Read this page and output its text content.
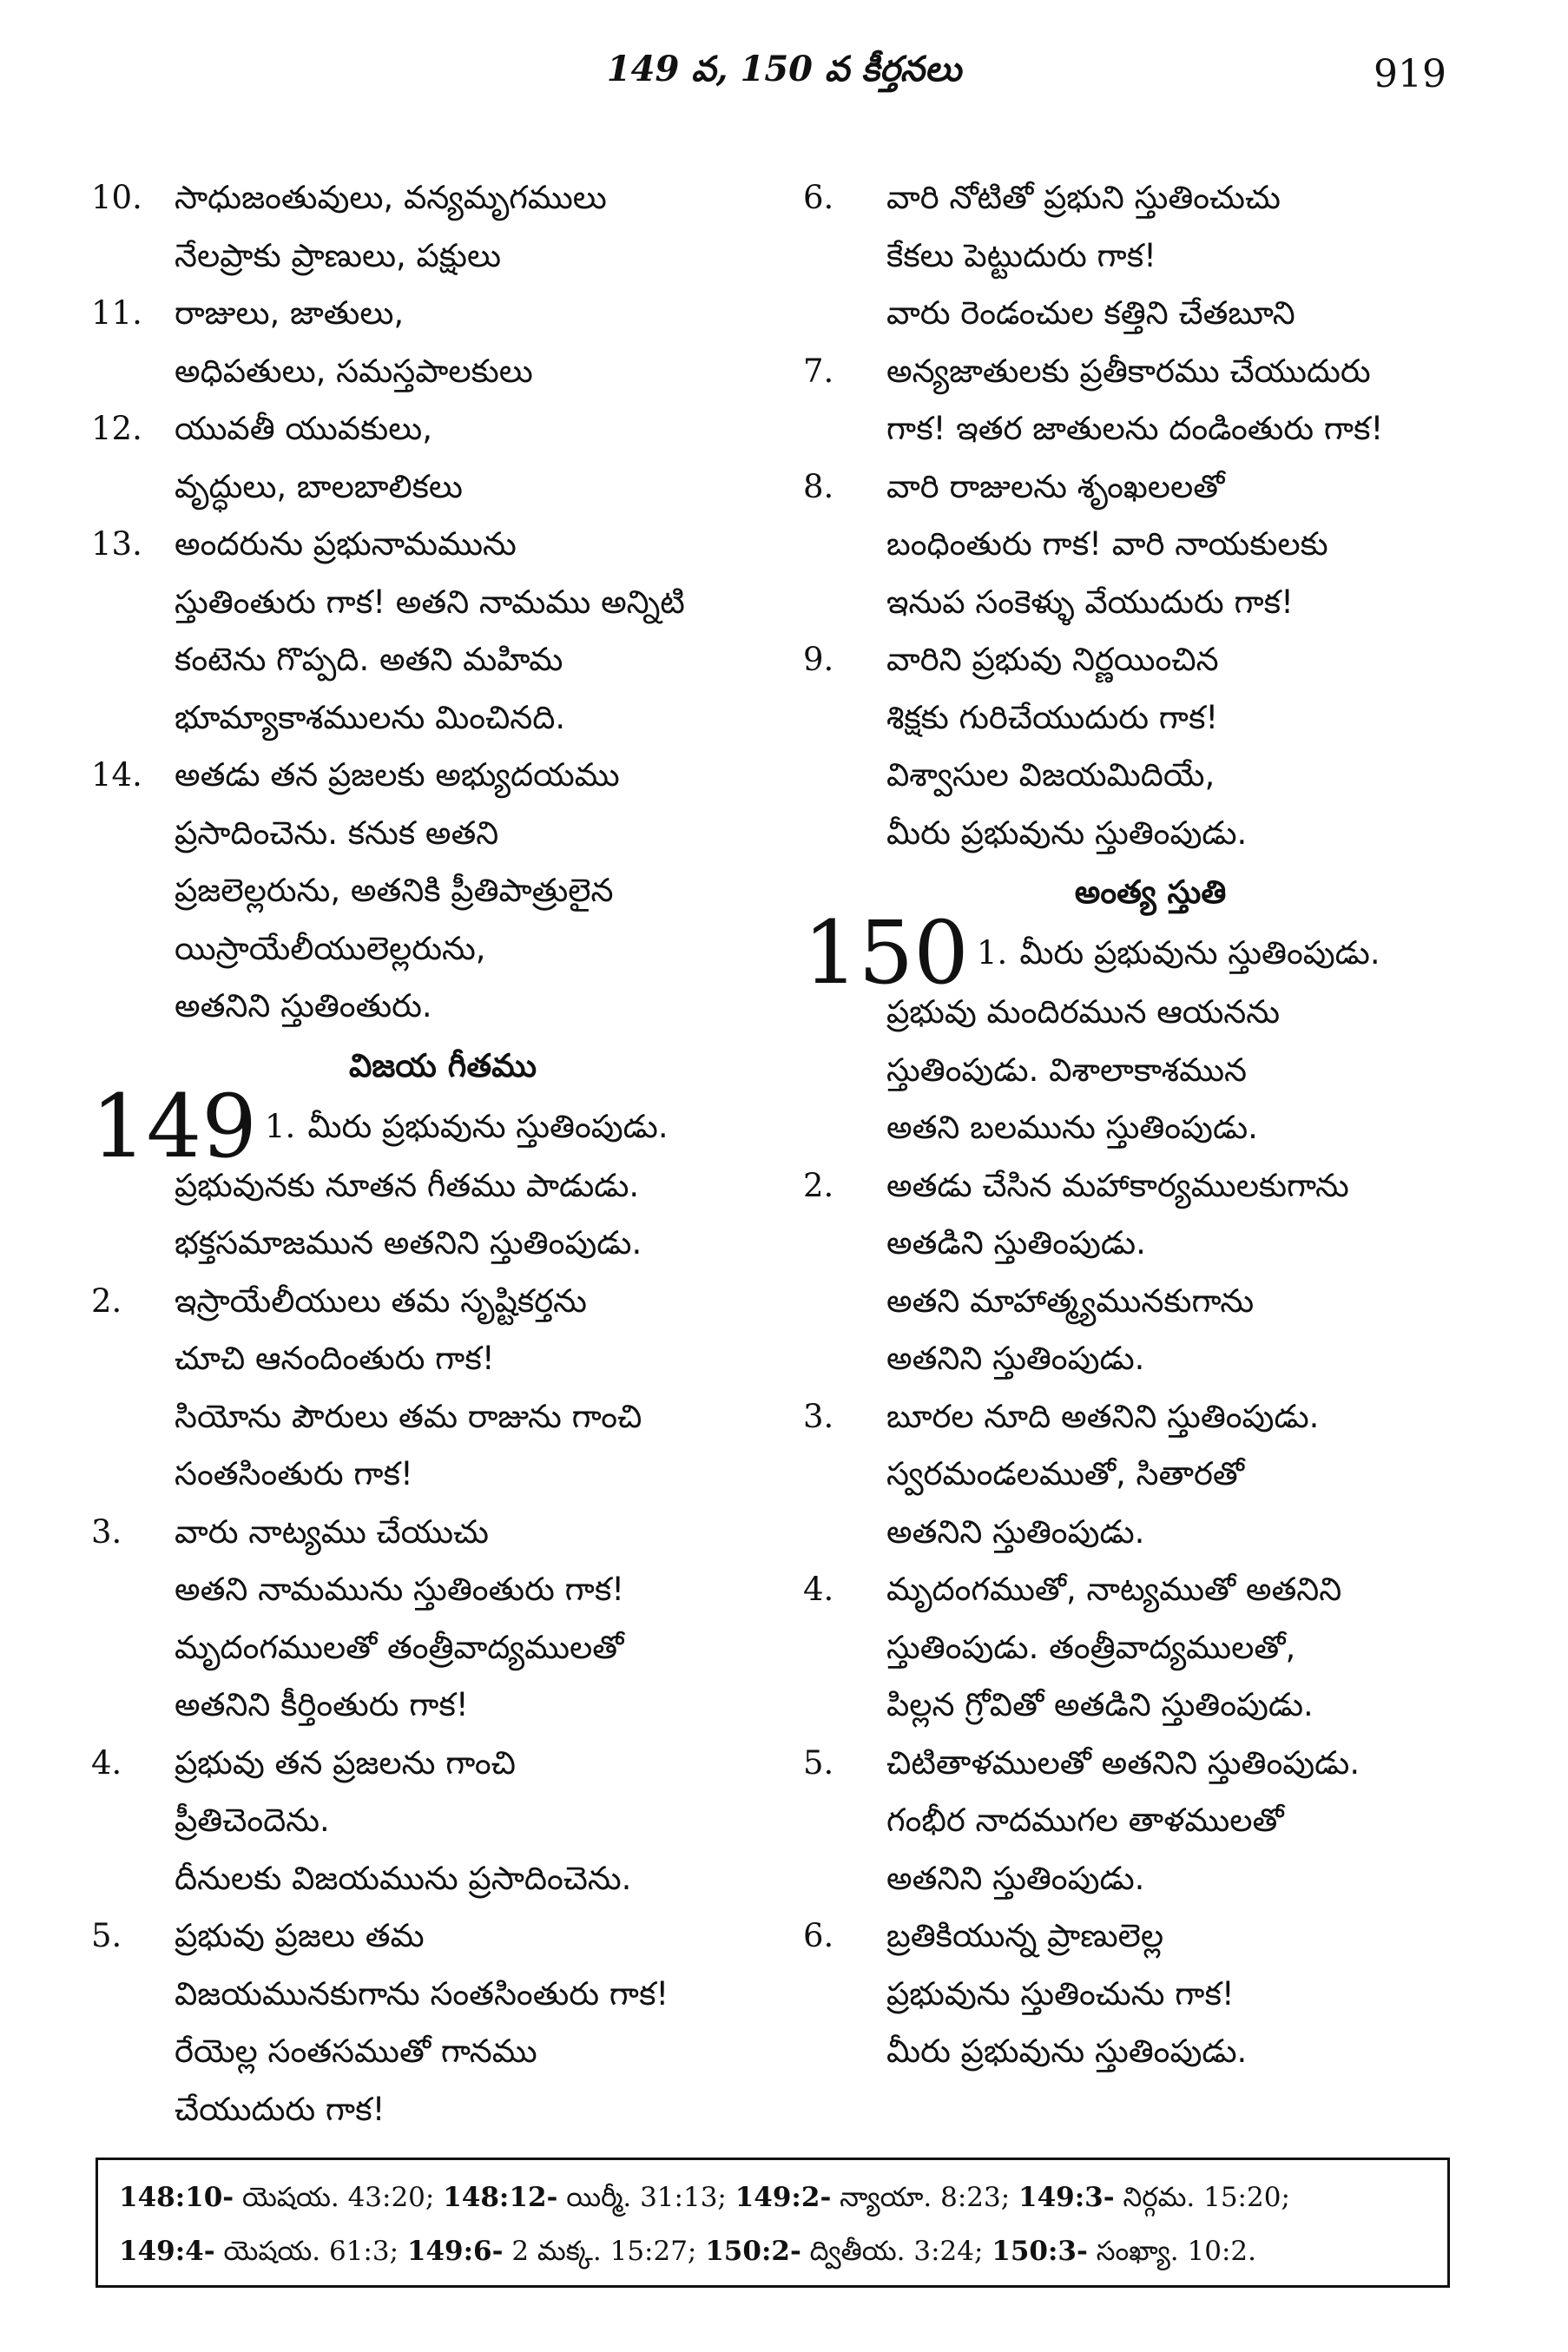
149 వ, 150 వ కీర్తనలు	919
10.	సాధుజంతువులు, వన్యమృగములు
నేలప్రాకు ప్రాణులు, పక్షులు
11.	రాజులు, జాతులు,
అధిపతులు, సమస్తపాలకులు
12.	యువతీ యువకులు,
వృద్ధులు, బాలబాలికలు
13.	అందరును ప్రభునామమును
స్తుతింతురు గాక! అతని నామము అన్నిటి
కంటెను గొప్పది. అతని మహిమ
భూమ్యాకాశములను మించినది.
14.	అతడు తన ప్రజలకు అభ్యుదయము
ప్రసాదించెను. కనుక అతని
ప్రజలెల్లరును, అతనికి ప్రీతిపాత్రులైన
యిస్రాయేలీయులెల్లరును,
అతనిని స్తుతింతురు.
విజయ గీతము
149 1. మీరు ప్రభువును స్తుతింపుడు.
ప్రభువునకు నూతన గీతము పాడుడు.
భక్తసమాజమున అతనిని స్తుతింపుడు.
2.	ఇస్రాయేలీయులు తమ సృష్టికర్తను
చూచి ఆనందింతురు గాక!
సియోను పౌరులు తమ రాజును గాంచి
సంతసింతురు గాక!
3.	వారు నాట్యము చేయుచు
అతని నామమును స్తుతింతురు గాక!
మృదంగములతో తంత్రీవాద్యములతో
అతనిని కీర్తింతురు గాక!
4.	ప్రభువు తన ప్రజలను గాంచి
ప్రీతిచెందెను.
దీనులకు విజయమును ప్రసాదించెను.
5.	ప్రభువు ప్రజలు తమ
విజయమునకుగాను సంతసింతురు గాక!
రేయెల్ల సంతసముతో గానము
చేయుదురు గాక!
6.	వారి నోటితో ప్రభుని స్తుతించుచు
కేకలు పెట్టుదురు గాక!
వారు రెండంచుల కత్తిని చేతబూని
7.	అన్యజాతులకు ప్రతీకారము చేయుదురు
గాక! ఇతర జాతులను దండింతురు గాక!
8.	వారి రాజులను శృంఖలలతో
బంధింతురు గాక! వారి నాయకులకు
ఇనుప సంకెళ్ళు వేయుదురు గాక!
9.	వారిని ప్రభువు నిర్ణయించిన
శిక్షకు గురిచేయుదురు గాక!
విశ్వాసుల విజయమిదియే,
మీరు ప్రభువును స్తుతింపుడు.
అంత్య స్తుతి
150 1. మీరు ప్రభువును స్తుతింపుడు.
ప్రభువు మందిరమున ఆయనను
స్తుతింపుడు. విశాలాకాశమున
అతని బలమును స్తుతింపుడు.
2.	అతడు చేసిన మహాకార్యములకుగాను
అతడిని స్తుతింపుడు.
అతని మాహాత్మ్యమునకుగాను
అతనిని స్తుతింపుడు.
3.	బూరల నూది అతనిని స్తుతింపుడు.
స్వరమండలముతో, సితారతో
అతనిని స్తుతింపుడు.
4.	మృదంగముతో, నాట్యముతో అతనిని
స్తుతింపుడు. తంత్రీవాద్యములతో,
పిల్లన గ్రోవితో అతడిని స్తుతింపుడు.
5.	చిటితాళములతో అతనిని స్తుతింపుడు.
గంభీర నాదముగల తాళములతో
అతనిని స్తుతింపుడు.
6.	బ్రతికియున్న ప్రాణులెల్ల
ప్రభువును స్తుతించును గాక!
మీరు ప్రభువును స్తుతింపుడు.
148:10- యెషయ. 43:20; 148:12- యిర్మీ. 31:13; 149:2- న్యాయా. 8:23; 149:3- నిర్గమ. 15:20;
149:4- యెషయ. 61:3; 149:6- 2 మక్క. 15:27; 150:2- ద్వితీయ. 3:24; 150:3- సంఖ్యా. 10:2.
